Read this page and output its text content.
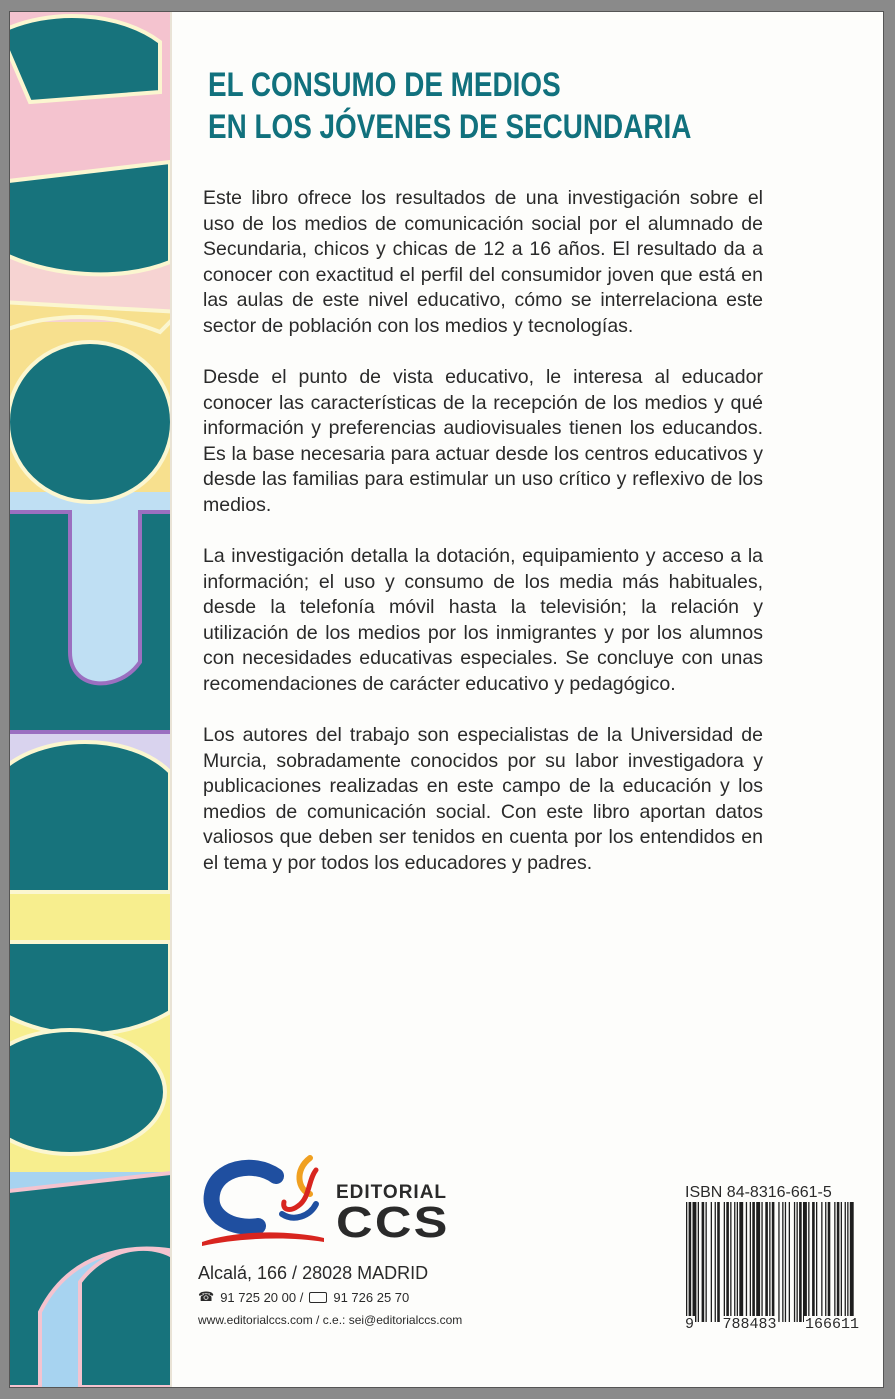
EL CONSUMO DE MEDIOS
EN LOS JÓVENES DE SECUNDARIA

Este libro ofrece los resultados de una investigación sobre el uso de los medios de comunicación social por el alumnado de Secundaria, chicos y chicas de 12 a 16 años. El resultado da a conocer con exactitud el perfil del consumidor joven que está en las aulas de este nivel educativo, cómo se interrelaciona este sector de población con los medios y tecnologías.

Desde el punto de vista educativo, le interesa al educador conocer las características de la recepción de los medios y qué información y preferencias audiovisuales tienen los educandos. Es la base necesaria para actuar desde los centros educativos y desde las familias para estimular un uso crítico y reflexivo de los medios.

La investigación detalla la dotación, equipamiento y acceso a la información; el uso y consumo de los media más habituales, desde la telefonía móvil hasta la televisión; la relación y utilización de los medios por los inmigrantes y por los alumnos con necesidades educativas especiales. Se concluye con unas recomendaciones de carácter educativo y pedagógico.

Los autores del trabajo son especialistas de la Universidad de Murcia, sobradamente conocidos por su labor investigadora y publicaciones realizadas en este campo de la educación y los medios de comunicación social. Con este libro aportan datos valiosos que deben ser tenidos en cuenta por los entendidos en el tema y por todos los educadores y padres.

EDITORIAL
CCS
Alcalá, 166 / 28028 MADRID
☎ 91 725 20 00 / 91 726 25 70
www.editorialccs.com / c.e.: sei@editorialccs.com
ISBN 84-8316-661-5
9 788483 166611
